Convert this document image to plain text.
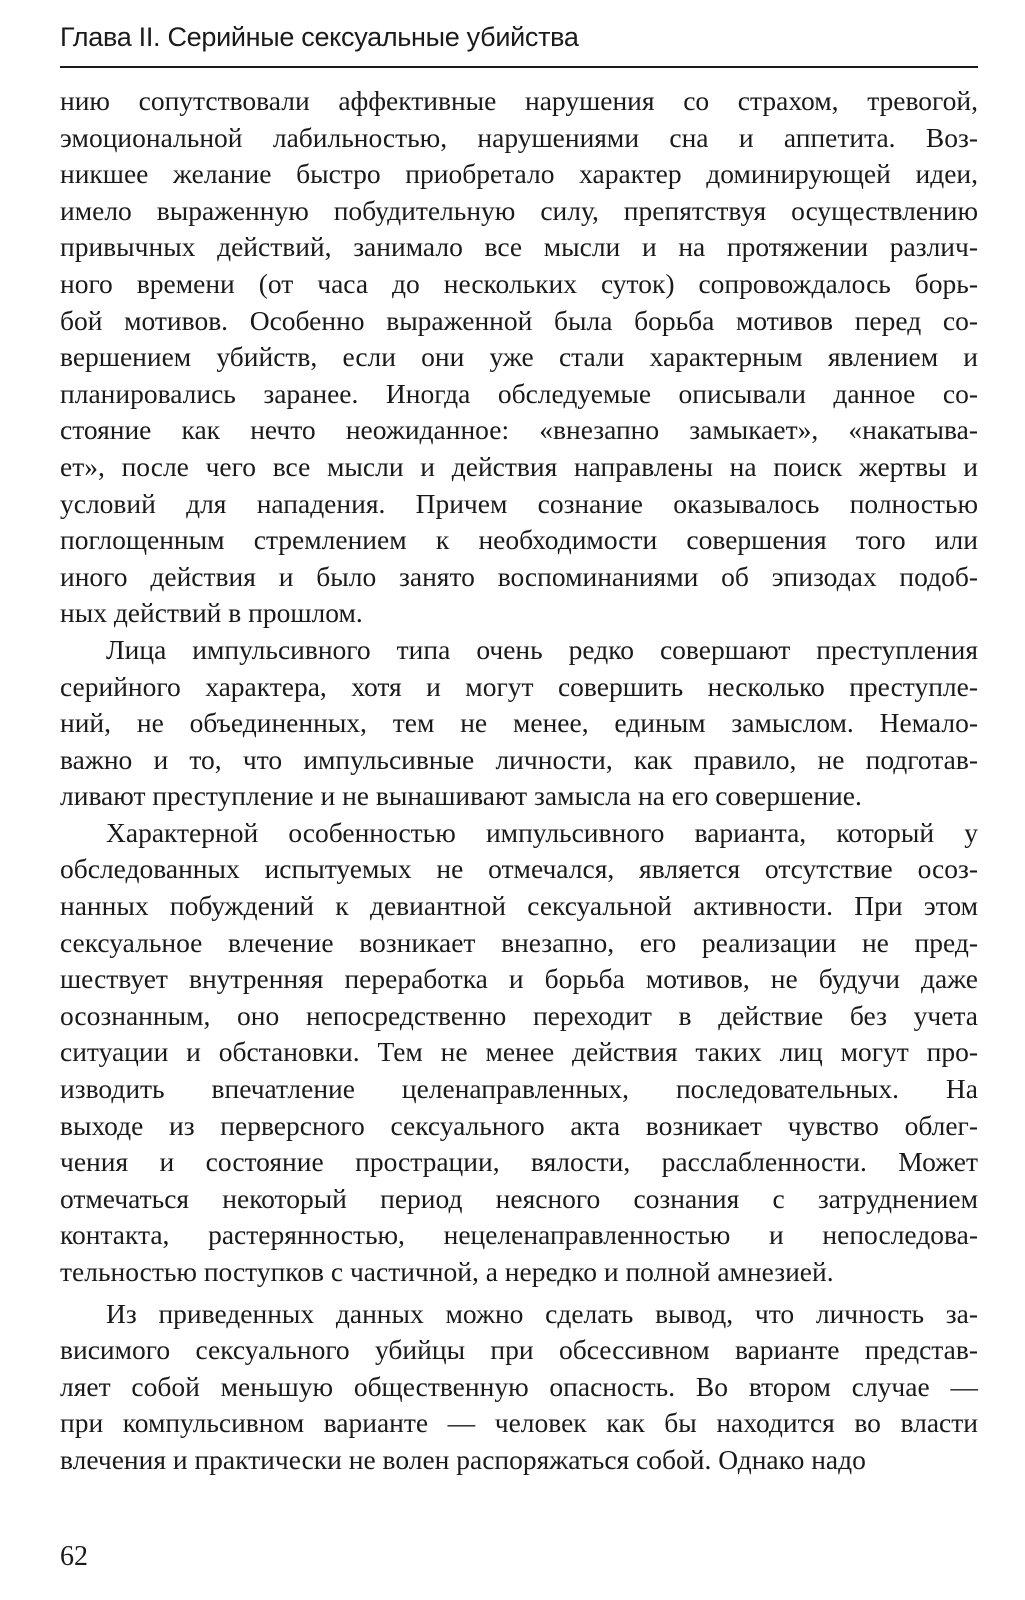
Глава II. Серийные сексуальные убийства
нию сопутствовали аффективные нарушения со страхом, тревогой,
эмоциональной лабильностью, нарушениями сна и аппетита. Воз-
никшее желание быстро приобретало характер доминирующей идеи,
имело выраженную побудительную силу, препятствуя осуществлению
привычных действий, занимало все мысли и на протяжении различ-
ного времени (от часа до нескольких суток) сопровождалось борь-
бой мотивов. Особенно выраженной была борьба мотивов перед со-
вершением убийств, если они уже стали характерным явлением и
планировались заранее. Иногда обследуемые описывали данное со-
стояние как нечто неожиданное: «внезапно замыкает», «накатыва-
ет», после чего все мысли и действия направлены на поиск жертвы и
условий для нападения. Причем сознание оказывалось полностью
поглощенным стремлением к необходимости совершения того или
иного действия и было занято воспоминаниями об эпизодах подоб-
ных действий в прошлом.
Лица импульсивного типа очень редко совершают преступления
серийного характера, хотя и могут совершить несколько преступле-
ний, не объединенных, тем не менее, единым замыслом. Немало-
важно и то, что импульсивные личности, как правило, не подготав-
ливают преступление и не вынашивают замысла на его совершение.
Характерной особенностью импульсивного варианта, который у
обследованных испытуемых не отмечался, является отсутствие осоз-
нанных побуждений к девиантной сексуальной активности. При этом
сексуальное влечение возникает внезапно, его реализации не пред-
шествует внутренняя переработка и борьба мотивов, не будучи даже
осознанным, оно непосредственно переходит в действие без учета
ситуации и обстановки. Тем не менее действия таких лиц могут про-
изводить впечатление целенаправленных, последовательных. На
выходе из перверсного сексуального акта возникает чувство облег-
чения и состояние прострации, вялости, расслабленности. Может
отмечаться некоторый период неясного сознания с затруднением
контакта, растерянностью, нецеленаправленностью и непоследова-
тельностью поступков с частичной, а нередко и полной амнезией.
Из приведенных данных можно сделать вывод, что личность за-
висимого сексуального убийцы при обсессивном варианте представ-
ляет собой меньшую общественную опасность. Во втором случае —
при компульсивном варианте — человек как бы находится во власти
влечения и практически не волен распоряжаться собой. Однако надо
62
